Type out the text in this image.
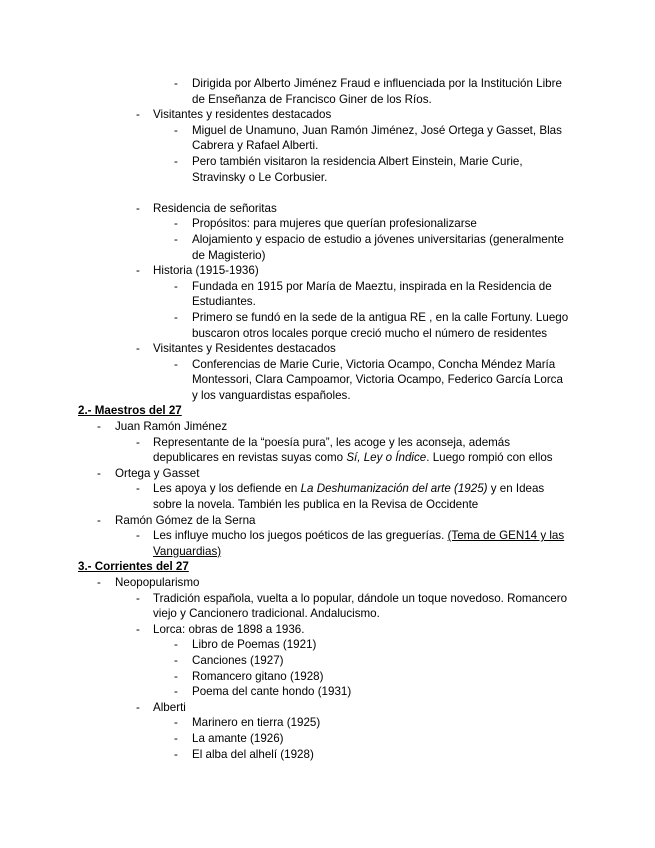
- Dirigida por Alberto Jiménez Fraud e influenciada por la Institución Libre
de Enseñanza de Francisco Giner de los Ríos.
- Visitantes y residentes destacados
- Miguel de Unamuno, Juan Ramón Jiménez, José Ortega y Gasset, Blas
Cabrera y Rafael Alberti.
- Pero también visitaron la residencia Albert Einstein, Marie Curie,
Stravinsky o Le Corbusier.
- Residencia de señoritas
- Propósitos: para mujeres que querían profesionalizarse
- Alojamiento y espacio de estudio a jóvenes universitarias (generalmente
de Magisterio)
- Historia (1915-1936)
- Fundada en 1915 por María de Maeztu, inspirada en la Residencia de
Estudiantes.
- Primero se fundó en la sede de la antigua RE , en la calle Fortuny. Luego
buscaron otros locales porque creció mucho el número de residentes
- Visitantes y Residentes destacados
- Conferencias de Marie Curie, Victoria Ocampo, Concha Méndez María
Montessori, Clara Campoamor, Victoria Ocampo, Federico García Lorca
y los vanguardistas españoles.
2.- Maestros del 27
- Juan Ramón Jiménez
- Representante de la “poesía pura”, les acoge y les aconseja, además
depublicares en revistas suyas como Sí, Ley o Índice. Luego rompió con ellos
- Ortega y Gasset
- Les apoya y los defiende en La Deshumanización del arte (1925) y en Ideas
sobre la novela. También les publica en la Revisa de Occidente
- Ramón Gómez de la Serna
- Les influye mucho los juegos poéticos de las greguerías. (Tema de GEN14 y las
Vanguardias)
3.- Corrientes del 27
- Neopopularismo
- Tradición española, vuelta a lo popular, dándole un toque novedoso. Romancero
viejo y Cancionero tradicional. Andalucismo.
- Lorca: obras de 1898 a 1936.
- Libro de Poemas (1921)
- Canciones (1927)
- Romancero gitano (1928)
- Poema del cante hondo (1931)
- Alberti
- Marinero en tierra (1925)
- La amante (1926)
- El alba del alhelí (1928)
